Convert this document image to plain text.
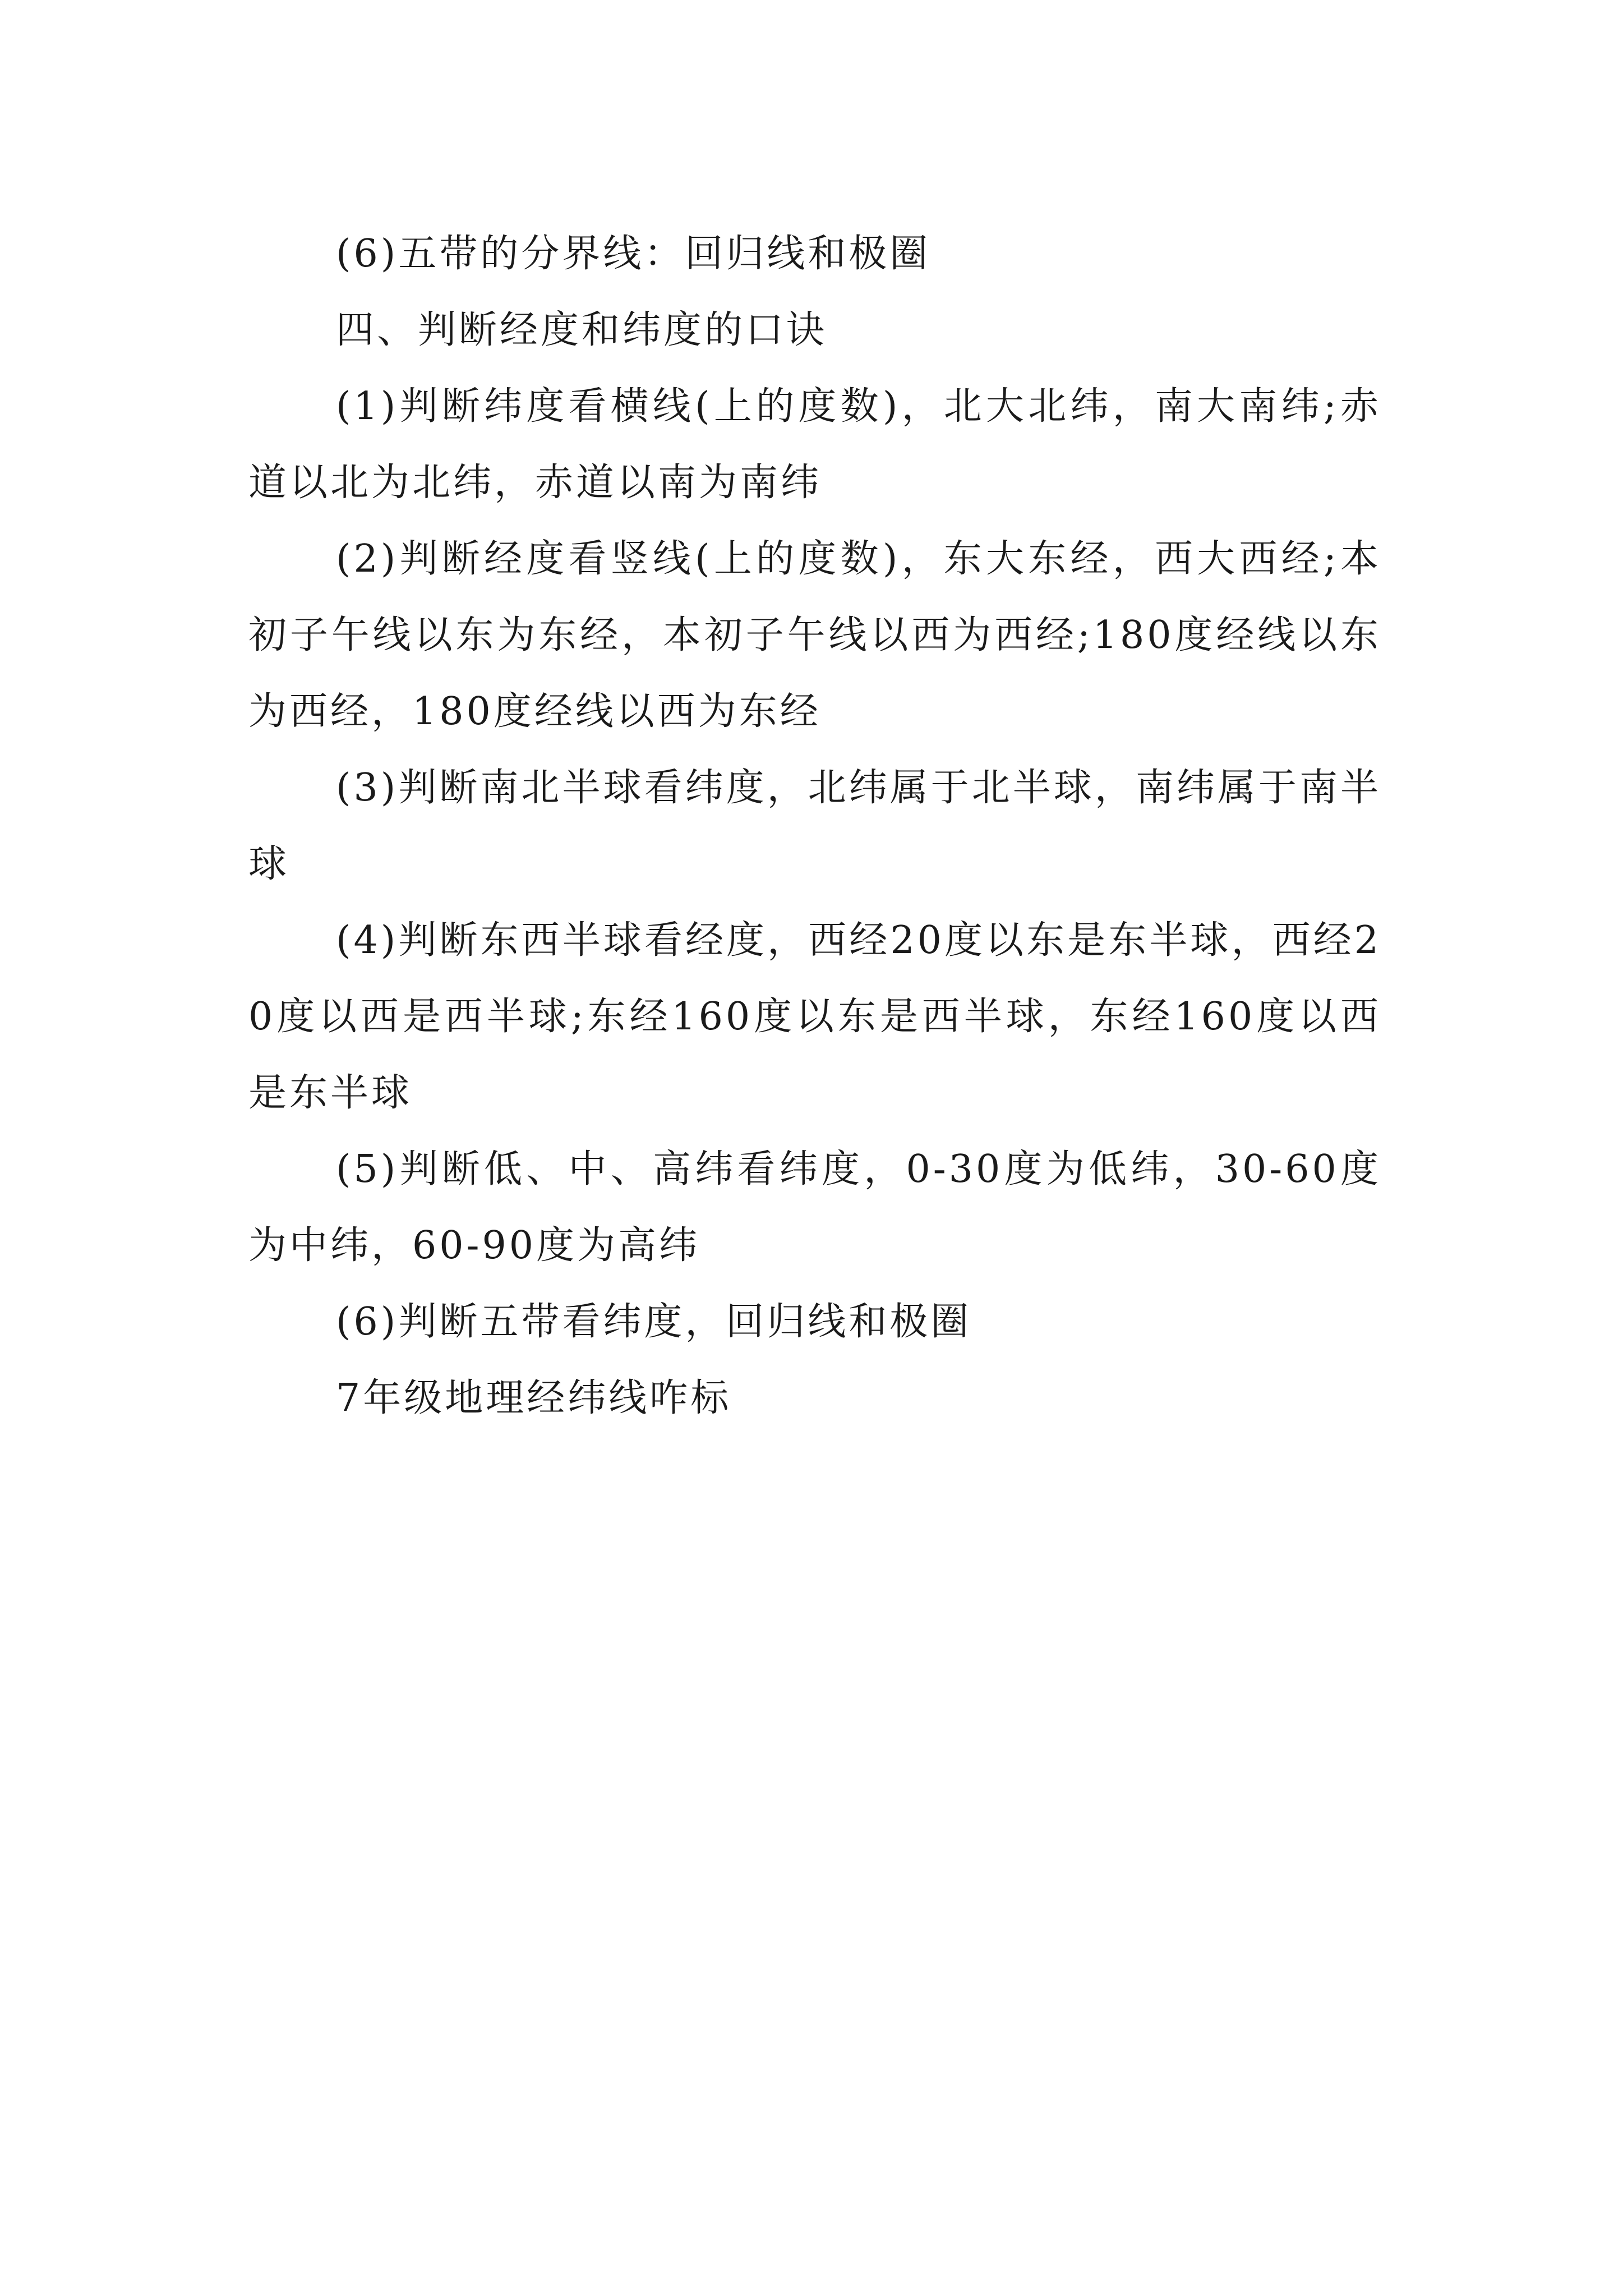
(6)五带的分界线：回归线和极圈

四、判断经度和纬度的口诀

(1)判断纬度看横线(上的度数)，北大北纬，南大南纬;赤道以北为北纬，赤道以南为南纬

(2)判断经度看竖线(上的度数)，东大东经，西大西经;本初子午线以东为东经，本初子午线以西为西经;180度经线以东为西经，180度经线以西为东经

(3)判断南北半球看纬度，北纬属于北半球，南纬属于南半球

(4)判断东西半球看经度，西经20度以东是东半球，西经20度以西是西半球;东经160度以东是西半球，东经160度以西是东半球

(5)判断低、中、高纬看纬度，0-30度为低纬，30-60度为中纬，60-90度为高纬

(6)判断五带看纬度，回归线和极圈

7年级地理经纬线咋标
